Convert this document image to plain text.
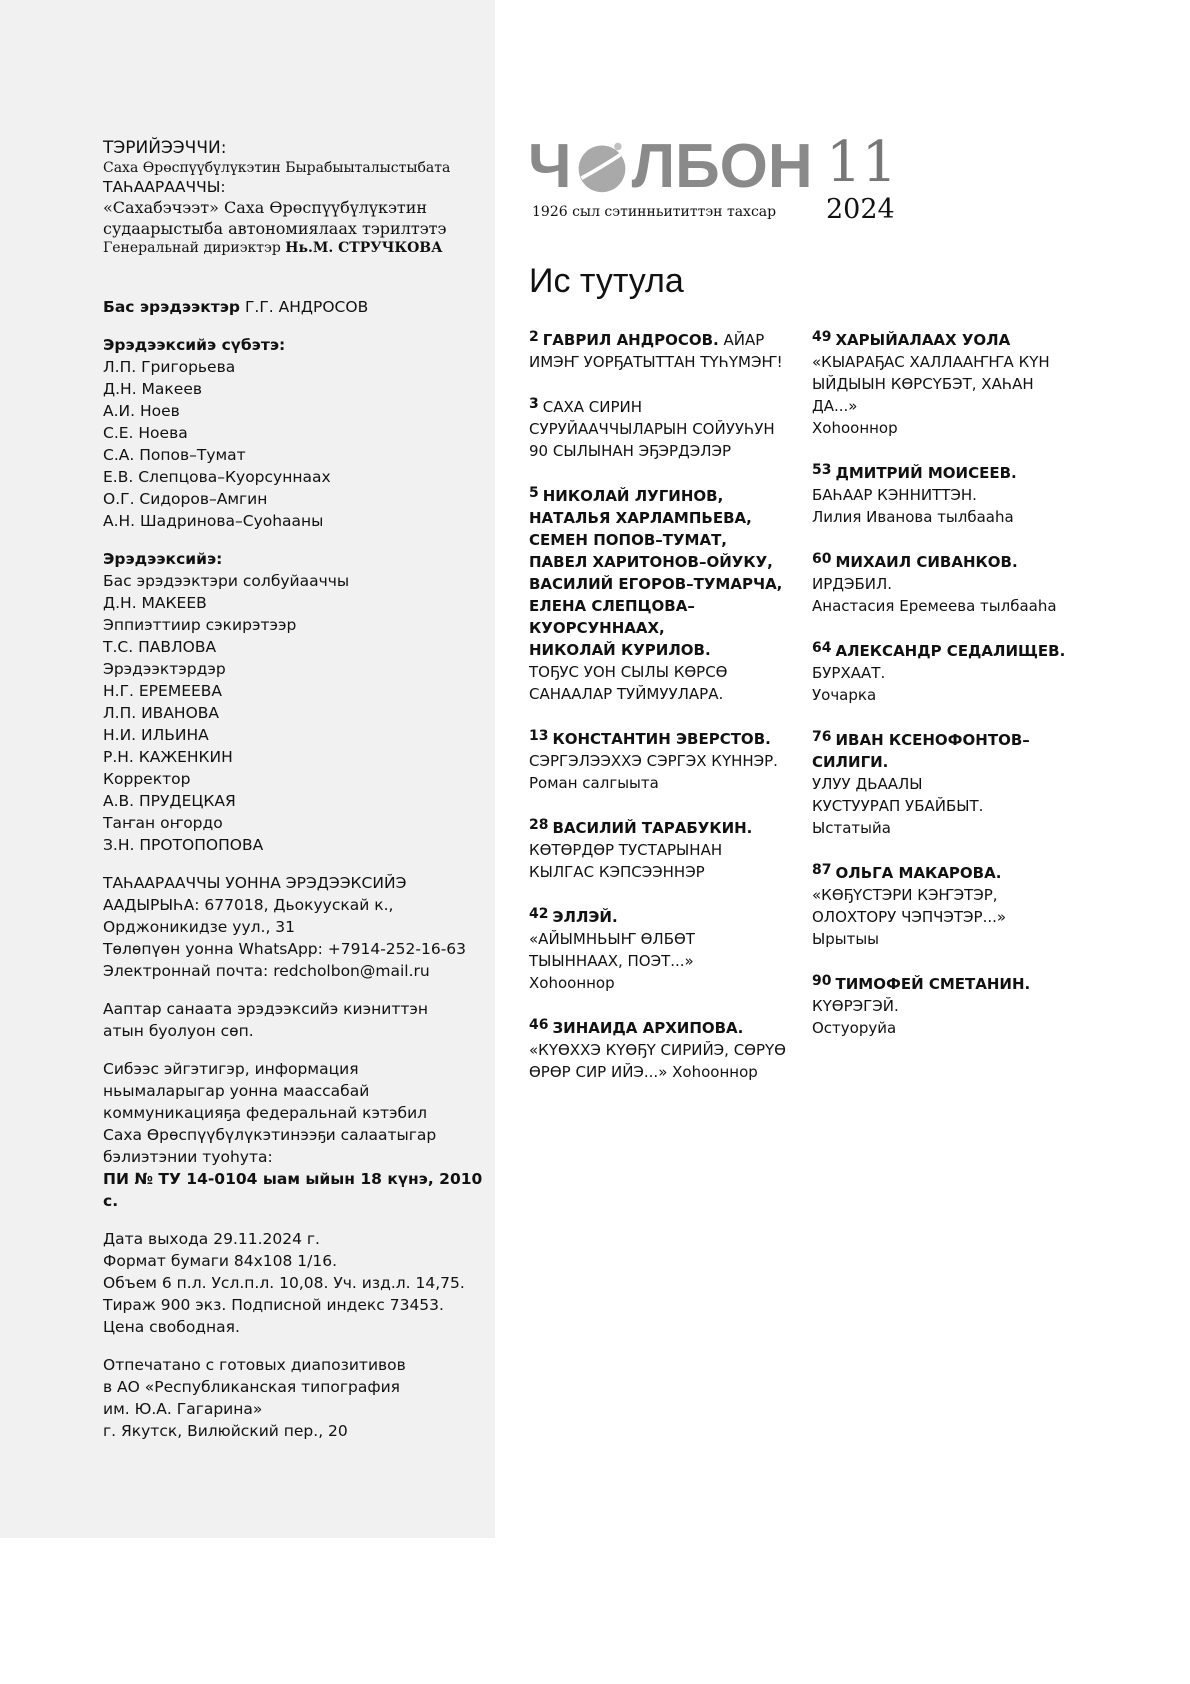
ТЭРИЙЭЭЧЧИ:
Саха Өрөспүүбүлүкэтин Бырабыыталыстыбата
ТАҺААРААЧЧЫ:
«Сахабэчээт» Саха Өрөспүүбүлүкэтин
судаарыстыба автономиялаах тэрилтэтэ
Генеральнай дириэктэр Нь.М. СТРУЧКОВА

Бас эрэдээктэр Г.Г. АНДРОСОВ

Эрэдээксийэ сүбэтэ:

Л.П. Григорьева

Д.Н. Макеев

А.И. Ноев

С.Е. Ноева

С.А. Попов–Тумат

Е.В. Слепцова–Куорсуннаах

О.Г. Сидоров–Амгин

А.Н. Шадринова–Суоһааны

Эрэдээксийэ:

Бас эрэдээктэри солбуйааччы

Д.Н. МАКЕЕВ

Эппиэттиир сэкирэтээр

Т.С. ПАВЛОВА

Эрэдээктэрдэр

Н.Г. ЕРЕМЕЕВА

Л.П. ИВАНОВА

Н.И. ИЛЬИНА

Р.Н. КАЖЕНКИН

Корректор

А.В. ПРУДЕЦКАЯ

Таҥан оҥордо

З.Н. ПРОТОПОПОВА

ТАҺААРААЧЧЫ УОННА ЭРЭДЭЭКСИЙЭ

ААДЫРЫҺА: 677018, Дьокуускай к.,

Орджоникидзе уул., 31

Төлөпүөн уонна WhatsApp: +7914-252-16-63

Электроннай почта: redcholbon@mail.ru

Ааптар санаата эрэдээксийэ киэниттэн

атын буолуон сөп.

Сибээс эйгэтигэр, информация

ньымаларыгар уонна маассабай

коммуникацияҕа федеральнай кэтэбил

Саха Өрөспүүбүлүкэтинээҕи салаатыгар

бэлиэтэнии туоһута:

ПИ № ТУ 14-0104 ыам ыйын 18 күнэ, 2010 с.

Дата выхода 29.11.2024 г.

Формат бумаги 84х108 1/16.

Объем 6 п.л. Усл.п.л. 10,08. Уч. изд.л. 14,75.

Тираж 900 экз. Подписной индекс 73453.

Цена свободная.

Отпечатано с готовых диапозитивов

в АО «Республиканская типография

им. Ю.А. Гагарина»

г. Якутск, Вилюйский пер., 20

Ч ЛБОН
1926 сыл сэтинньититтэн тахсар
11
2024
Ис тутула
2 ГАВРИЛ АНДРОСОВ. АЙАР
ИМЭҤ УОРҔАТЫТТАН ТҮҺҮМЭҤ!
3 САХА СИРИН
СУРУЙААЧЧЫЛАРЫН СОЙУУҺУН
90 СЫЛЫНАН ЭҔЭРДЭЛЭР
5 НИКОЛАЙ ЛУГИНОВ,
НАТАЛЬЯ ХАРЛАМПЬЕВА,
СЕМЕН ПОПОВ–ТУМАТ,
ПАВЕЛ ХАРИТОНОВ–ОЙУКУ,
ВАСИЛИЙ ЕГОРОВ–ТУМАРЧА,
ЕЛЕНА СЛЕПЦОВА–
КУОРСУННААХ,
НИКОЛАЙ КУРИЛОВ.
ТОҔУС УОН СЫЛЫ КӨРСӨ
САНААЛАР ТУЙМУУЛАРА.
13 КОНСТАНТИН ЭВЕРСТОВ.
СЭРГЭЛЭЭХХЭ СЭРГЭХ КҮННЭР.
Роман салгыыта
28 ВАСИЛИЙ ТАРАБУКИН.
КӨТӨРДӨР ТУСТАРЫНАН
КЫЛГАС КЭПСЭЭННЭР
42 ЭЛЛЭЙ.
«АЙЫМНЬЫҤ ӨЛБӨТ
ТЫЫННААХ, ПОЭТ...»
Хоһооннор
46 ЗИНАИДА АРХИПОВА.
«КҮӨХХЭ КҮӨҔҮ СИРИЙЭ, СӨРҮӨ
ӨРӨР СИР ИЙЭ...» Хоһооннор
49 ХАРЫЙАЛААХ УОЛА
«КЫАРАҔАС ХАЛЛААҤҤА КҮН
ЫЙДЫЫН КӨРСҮБЭТ, ХАҺАН
ДА...»
Хоһооннор
53 ДМИТРИЙ МОИСЕЕВ.
БАҺААР КЭННИТТЭН.
Лилия Иванова тылбааһа
60 МИХАИЛ СИВАНКОВ.
ИРДЭБИЛ.
Анастасия Еремеева тылбааһа
64 АЛЕКСАНДР СЕДАЛИЩЕВ.
БУРХААТ.
Уочарка
76 ИВАН КСЕНОФОНТОВ–
СИЛИГИ.
УЛУУ ДЬААЛЫ
КУСТУУРАП УБАЙБЫТ.
Ыстатыйа
87 ОЛЬГА МАКАРОВА.
«КӨҔҮСТЭРИ КЭҤЭТЭР,
ОЛОХТОРУ ЧЭПЧЭТЭР...»
Ырытыы
90 ТИМОФЕЙ СМЕТАНИН.
КҮӨРЭГЭЙ.
Остуоруйа
